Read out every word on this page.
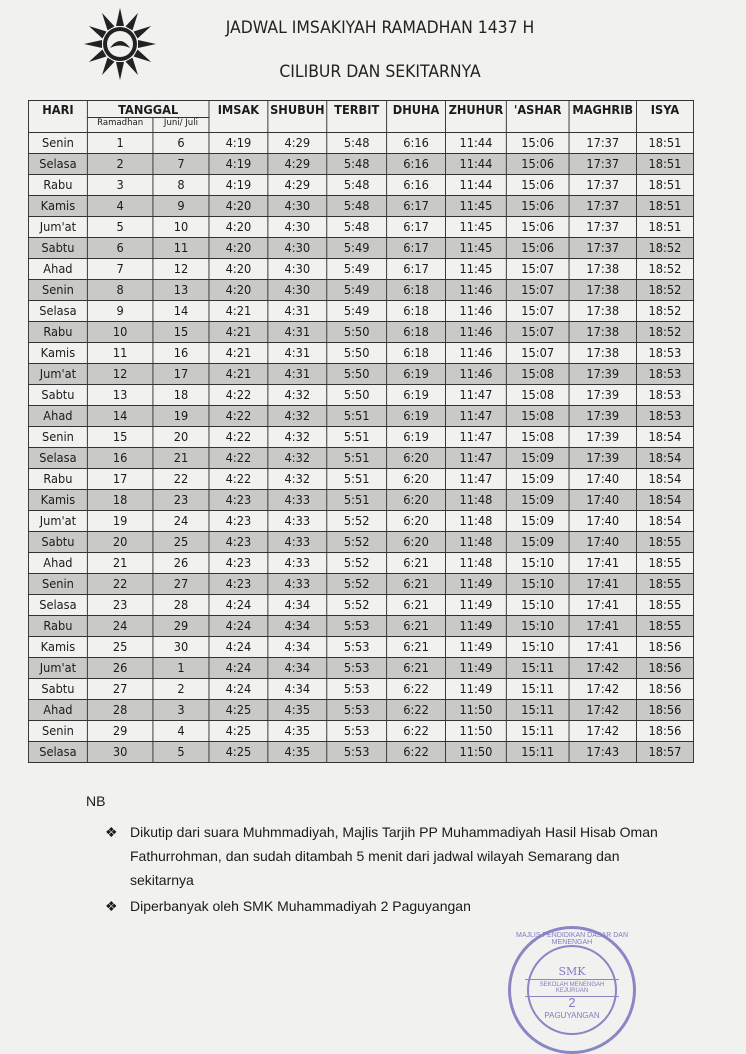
JADWAL IMSAKIYAH RAMADHAN 1437 H
CILIBUR DAN SEKITARNYA
HARI	TANGGAL		IMSAK	SHUBUH	TERBIT	DHUHA	ZHUHUR	'ASHAR	MAGHRIB	ISYA
	Ramadhan	Juni/ Juli								
Senin	1	6	4:19	4:29	5:48	6:16	11:44	15:06	17:37	18:51
Selasa	2	7	4:19	4:29	5:48	6:16	11:44	15:06	17:37	18:51
Rabu	3	8	4:19	4:29	5:48	6:16	11:44	15:06	17:37	18:51
Kamis	4	9	4:20	4:30	5:48	6:17	11:45	15:06	17:37	18:51
Jum'at	5	10	4:20	4:30	5:48	6:17	11:45	15:06	17:37	18:51
Sabtu	6	11	4:20	4:30	5:49	6:17	11:45	15:06	17:37	18:52
Ahad	7	12	4:20	4:30	5:49	6:17	11:45	15:07	17:38	18:52
Senin	8	13	4:20	4:30	5:49	6:18	11:46	15:07	17:38	18:52
Selasa	9	14	4:21	4:31	5:49	6:18	11:46	15:07	17:38	18:52
Rabu	10	15	4:21	4:31	5:50	6:18	11:46	15:07	17:38	18:52
Kamis	11	16	4:21	4:31	5:50	6:18	11:46	15:07	17:38	18:53
Jum'at	12	17	4:21	4:31	5:50	6:19	11:46	15:08	17:39	18:53
Sabtu	13	18	4:22	4:32	5:50	6:19	11:47	15:08	17:39	18:53
Ahad	14	19	4:22	4:32	5:51	6:19	11:47	15:08	17:39	18:53
Senin	15	20	4:22	4:32	5:51	6:19	11:47	15:08	17:39	18:54
Selasa	16	21	4:22	4:32	5:51	6:20	11:47	15:09	17:39	18:54
Rabu	17	22	4:22	4:32	5:51	6:20	11:47	15:09	17:40	18:54
Kamis	18	23	4:23	4:33	5:51	6:20	11:48	15:09	17:40	18:54
Jum'at	19	24	4:23	4:33	5:52	6:20	11:48	15:09	17:40	18:54
Sabtu	20	25	4:23	4:33	5:52	6:20	11:48	15:09	17:40	18:55
Ahad	21	26	4:23	4:33	5:52	6:21	11:48	15:10	17:41	18:55
Senin	22	27	4:23	4:33	5:52	6:21	11:49	15:10	17:41	18:55
Selasa	23	28	4:24	4:34	5:52	6:21	11:49	15:10	17:41	18:55
Rabu	24	29	4:24	4:34	5:53	6:21	11:49	15:10	17:41	18:55
Kamis	25	30	4:24	4:34	5:53	6:21	11:49	15:10	17:41	18:56
Jum'at	26	1	4:24	4:34	5:53	6:21	11:49	15:11	17:42	18:56
Sabtu	27	2	4:24	4:34	5:53	6:22	11:49	15:11	17:42	18:56
Ahad	28	3	4:25	4:35	5:53	6:22	11:50	15:11	17:42	18:56
Senin	29	4	4:25	4:35	5:53	6:22	11:50	15:11	17:42	18:56
Selasa	30	5	4:25	4:35	5:53	6:22	11:50	15:11	17:43	18:57
NB
❖ Dikutip dari suara Muhmmadiyah, Majlis Tarjih PP Muhammadiyah Hasil Hisab Oman Fathurrohman, dan sudah ditambah 5 menit dari jadwal wilayah Semarang dan sekitarnya
❖ Diperbanyak oleh SMK Muhammadiyah 2 Paguyangan
MAJLIS PENDIDIKAN DASAR DAN MENENGAH
SMK
SEKOLAH MENENGAH KEJURUAN
2
PAGUYANGAN
